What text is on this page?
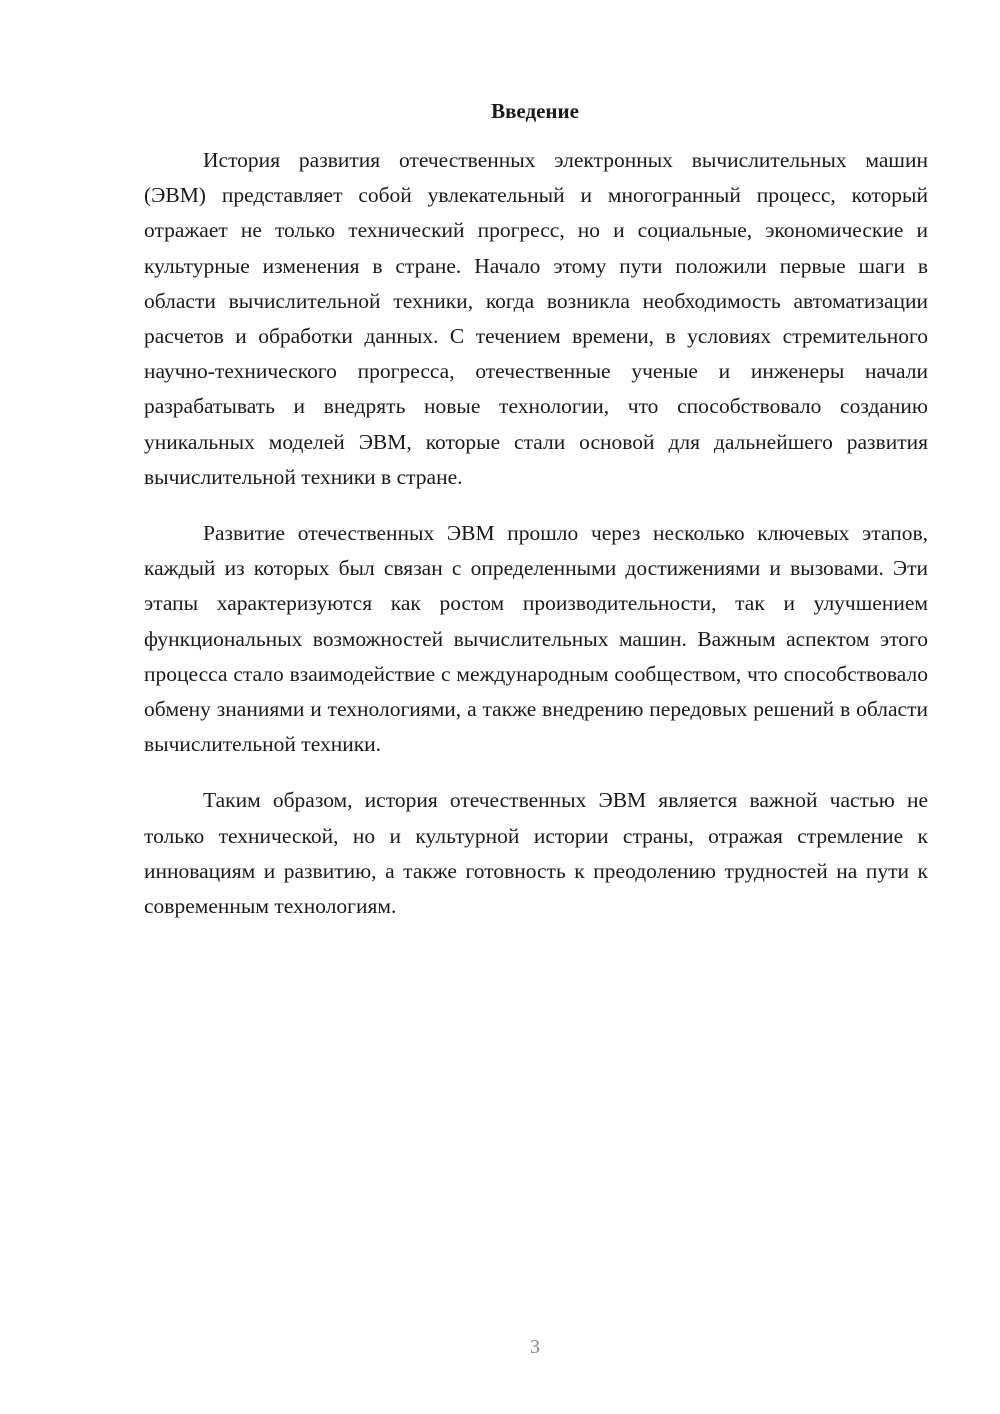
Введение

История развития отечественных электронных вычислительных машин (ЭВМ) представляет собой увлекательный и многогранный процесс, который отражает не только технический прогресс, но и социальные, экономические и культурные изменения в стране. Начало этому пути положили первые шаги в области вычислительной техники, когда возникла необходимость автоматизации расчетов и обработки данных. С течением времени, в условиях стремительного научно-технического прогресса, отечественные ученые и инженеры начали разрабатывать и внедрять новые технологии, что способствовало созданию уникальных моделей ЭВМ, которые стали основой для дальнейшего развития вычислительной техники в стране.

Развитие отечественных ЭВМ прошло через несколько ключевых этапов, каждый из которых был связан с определенными достижениями и вызовами. Эти этапы характеризуются как ростом производительности, так и улучшением функциональных возможностей вычислительных машин. Важным аспектом этого процесса стало взаимодействие с международным сообществом, что способствовало обмену знаниями и технологиями, а также внедрению передовых решений в области вычислительной техники.

Таким образом, история отечественных ЭВМ является важной частью не только технической, но и культурной истории страны, отражая стремление к инновациям и развитию, а также готовность к преодолению трудностей на пути к современным технологиям.

3
